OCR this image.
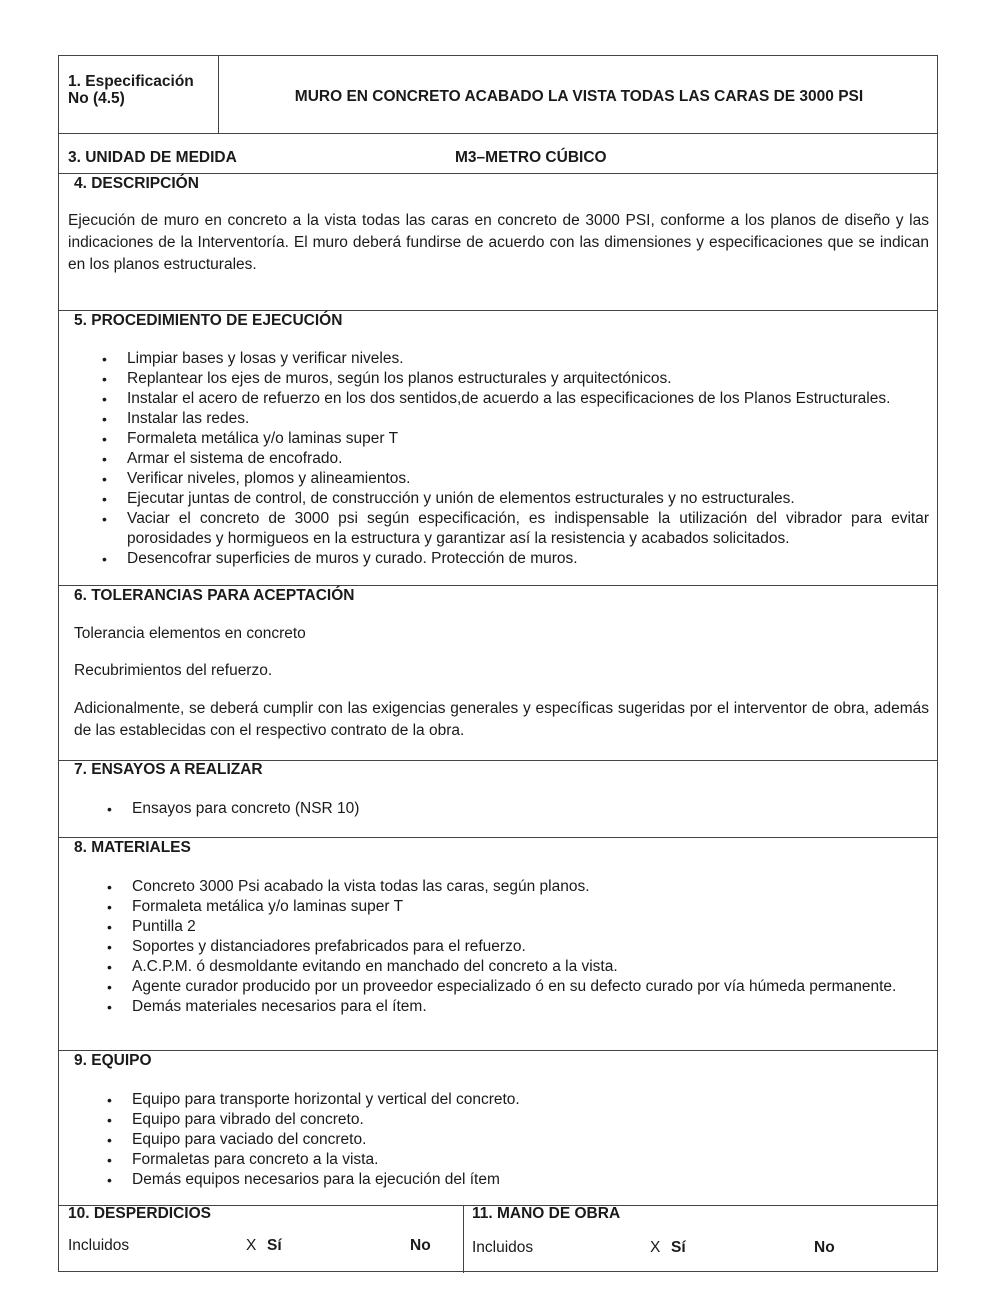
1. Especificación
No (4.5)	MURO EN CONCRETO ACABADO LA VISTA TODAS LAS CARAS DE 3000 PSI
3. UNIDAD DE MEDIDA	M3–METRO CÚBICO
4. DESCRIPCIÓN

Ejecución de muro en concreto a la vista todas las caras en concreto de 3000 PSI, conforme a los planos de diseño y las indicaciones de la Interventoría. El muro deberá fundirse de acuerdo con las dimensiones y especificaciones que se indican en los planos estructurales.

5. PROCEDIMIENTO DE EJECUCIÓN
• Limpiar bases y losas y verificar niveles.
• Replantear los ejes de muros, según los planos estructurales y arquitectónicos.
• Instalar el acero de refuerzo en los dos sentidos,de acuerdo a las especificaciones de los Planos Estructurales.
• Instalar las redes.
• Formaleta metálica y/o laminas super T
• Armar el sistema de encofrado.
• Verificar niveles, plomos y alineamientos.
• Ejecutar juntas de control, de construcción y unión de elementos estructurales y no estructurales.
• Vaciar el concreto de 3000 psi según especificación, es indispensable la utilización del vibrador para evitar porosidades y hormigueos en la estructura y garantizar así la resistencia y acabados solicitados.
• Desencofrar superficies de muros y curado. Protección de muros.
6. TOLERANCIAS PARA ACEPTACIÓN
Tolerancia elementos en concreto
Recubrimientos del refuerzo.

Adicionalmente, se deberá cumplir con las exigencias generales y específicas sugeridas por el interventor de obra, además de las establecidas con el respectivo contrato de la obra.

7. ENSAYOS A REALIZAR
• Ensayos para concreto (NSR 10)
8. MATERIALES
• Concreto 3000 Psi acabado la vista todas las caras, según planos.
• Formaleta metálica y/o laminas super T
• Puntilla 2
• Soportes y distanciadores prefabricados para el refuerzo.
• A.C.P.M. ó desmoldante evitando en manchado del concreto a la vista.
• Agente curador producido por un proveedor especializado ó en su defecto curado por vía húmeda permanente.
• Demás materiales necesarios para el ítem.
9. EQUIPO
• Equipo para transporte horizontal y vertical del concreto.
• Equipo para vibrado del concreto.
• Equipo para vaciado del concreto.
• Formaletas para concreto a la vista.
• Demás equipos necesarios para la ejecución del ítem
10. DESPERDICIOS
Incluidos	X Sí	No
11. MANO DE OBRA
Incluidos	X Sí	No
